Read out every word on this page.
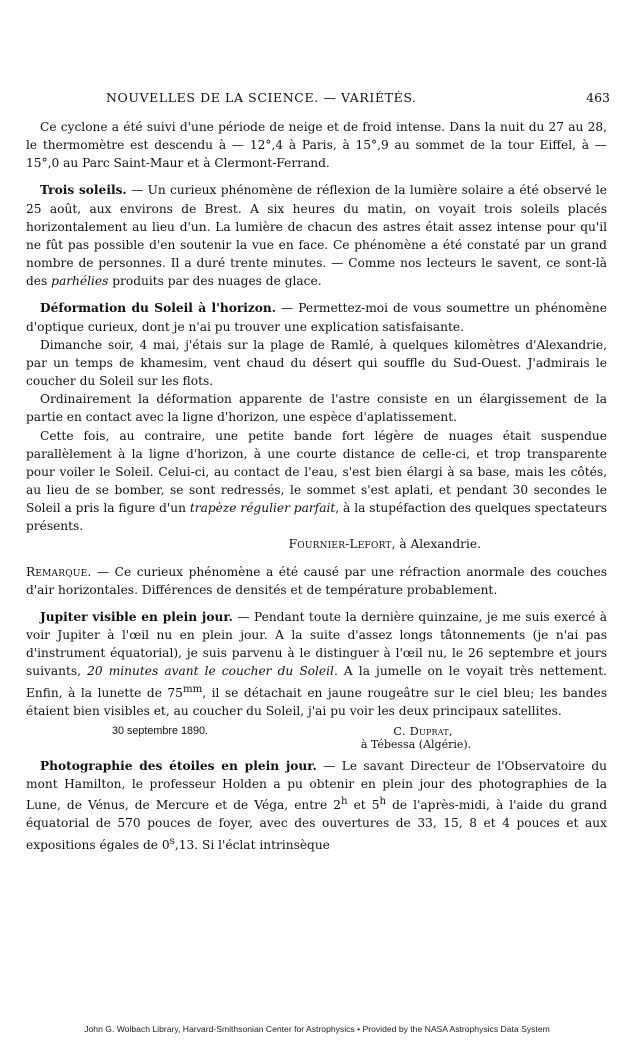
NOUVELLES DE LA SCIENCE. — VARIÉTÉS.	463

Ce cyclone a été suivi d'une période de neige et de froid intense. Dans la nuit du 27 au 28, le thermomètre est descendu à — 12°,4 à Paris, à 15°,9 au sommet de la tour Eiffel, à — 15°,0 au Parc Saint-Maur et à Clermont-Ferrand.

Trois soleils. — Un curieux phénomène de réflexion de la lumière solaire a été observé le 25 août, aux environs de Brest. A six heures du matin, on voyait trois soleils placés horizontalement au lieu d'un. La lumière de chacun des astres était assez intense pour qu'il ne fût pas possible d'en soutenir la vue en face. Ce phénomène a été constaté par un grand nombre de personnes. Il a duré trente minutes. — Comme nos lecteurs le savent, ce sont-là des parhélies produits par des nuages de glace.

Déformation du Soleil à l'horizon. — Permettez-moi de vous soumettre un phénomène d'optique curieux, dont je n'ai pu trouver une explication satisfaisante.

Dimanche soir, 4 mai, j'étais sur la plage de Ramlé, à quelques kilomètres d'Alexandrie, par un temps de khamesim, vent chaud du désert qui souffle du Sud-Ouest. J'admirais le coucher du Soleil sur les flots.

Ordinairement la déformation apparente de l'astre consiste en un élargissement de la partie en contact avec la ligne d'horizon, une espèce d'aplatissement.

Cette fois, au contraire, une petite bande fort légère de nuages était suspendue parallèlement à la ligne d'horizon, à une courte distance de celle-ci, et trop transparente pour voiler le Soleil. Celui-ci, au contact de l'eau, s'est bien élargi à sa base, mais les côtés, au lieu de se bomber, se sont redressés, le sommet s'est aplati, et pendant 30 secondes le Soleil a pris la figure d'un trapèze régulier parfait, à la stupéfaction des quelques spectateurs présents.

Fournier-Lefort, à Alexandrie.

Remarque. — Ce curieux phénomène a été causé par une réfraction anormale des couches d'air horizontales. Différences de densités et de température probablement.

Jupiter visible en plein jour. — Pendant toute la dernière quinzaine, je me suis exercé à voir Jupiter à l'œil nu en plein jour. A la suite d'assez longs tâtonnements (je n'ai pas d'instrument équatorial), je suis parvenu à le distinguer à l'œil nu, le 26 septembre et jours suivants, 20 minutes avant le coucher du Soleil. A la jumelle on le voyait très nettement. Enfin, à la lunette de $75^{mm}$, il se détachait en jaune rougeâtre sur le ciel bleu; les bandes étaient bien visibles et, au coucher du Soleil, j'ai pu voir les deux principaux satellites.

30 septembre 1890.	C. Duprat,
à Tébessa (Algérie).

Photographie des étoiles en plein jour. — Le savant Directeur de l'Observatoire du mont Hamilton, le professeur Holden a pu obtenir en plein jour des photographies de la Lune, de Vénus, de Mercure et de Véga, entre 2$^h$ et 5$^h$ de l'après-midi, à l'aide du grand équatorial de 570 pouces de foyer, avec des ouvertures de 33, 15, 8 et 4 pouces et aux expositions égales de 0$^s$,13. Si l'éclat intrinsèque

John G. Wolbach Library, Harvard-Smithsonian Center for Astrophysics • Provided by the NASA Astrophysics Data System
